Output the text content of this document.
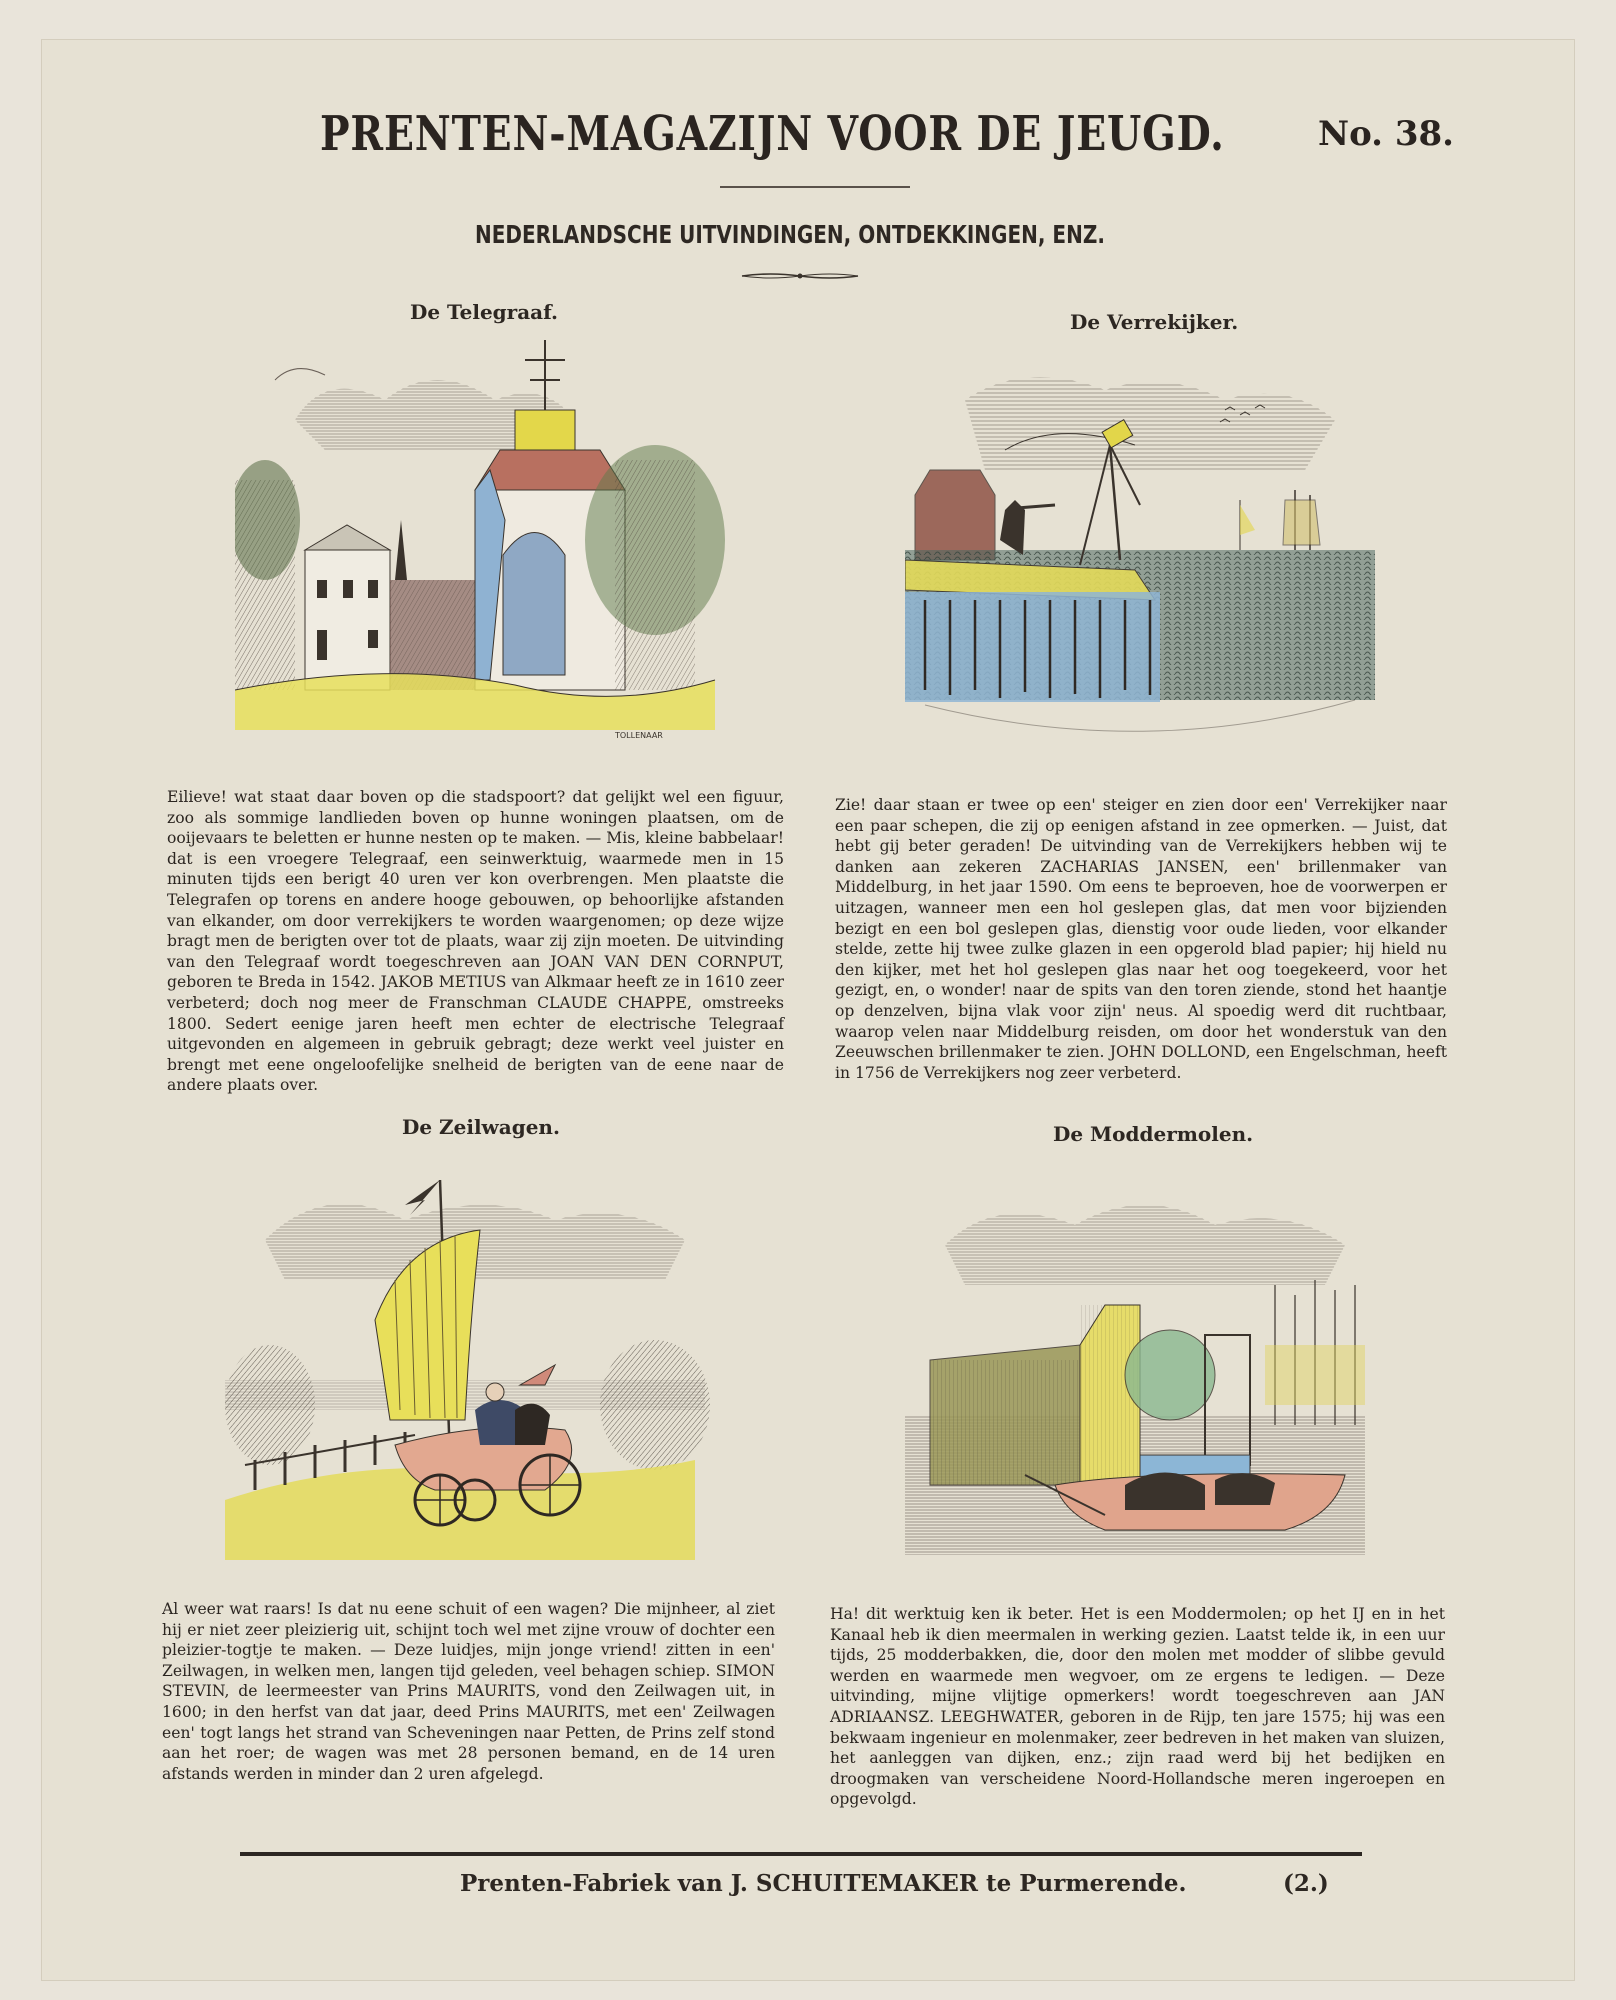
PRENTEN-MAGAZIJN VOOR DE JEUGD.	No. 38.
NEDERLANDSCHE UITVINDINGEN, ONTDEKKINGEN, ENZ.
De Telegraaf.	De Verrekijker.
De Zeilwagen.	De Moddermolen.
TOLLENAAR
Eilieve! wat staat daar boven op die stadspoort? dat gelijkt wel een figuur, zoo als sommige landlieden boven op hunne woningen plaatsen, om de ooijevaars te beletten er hunne nesten op te maken. — Mis, kleine babbelaar! dat is een vroegere Telegraaf, een seinwerktuig, waarmede men in 15 minuten tijds een berigt 40 uren ver kon overbrengen. Men plaatste die Telegrafen op torens en andere hooge gebouwen, op behoorlijke afstanden van elkander, om door verrekijkers te worden waargenomen; op deze wijze bragt men de berigten over tot de plaats, waar zij zijn moeten. De uitvinding van den Telegraaf wordt toegeschreven aan JOAN VAN DEN CORNPUT, geboren te Breda in 1542. JAKOB METIUS van Alkmaar heeft ze in 1610 zeer verbeterd; doch nog meer de Franschman CLAUDE CHAPPE, omstreeks 1800. Sedert eenige jaren heeft men echter de electrische Telegraaf uitgevonden en algemeen in gebruik gebragt; deze werkt veel juister en brengt met eene ongeloofelijke snelheid de berigten van de eene naar de andere plaats over.
Zie! daar staan er twee op een' steiger en zien door een' Verrekijker naar een paar schepen, die zij op eenigen afstand in zee opmerken. — Juist, dat hebt gij beter geraden! De uitvinding van de Verrekijkers hebben wij te danken aan zekeren ZACHARIAS JANSEN, een' brillenmaker van Middelburg, in het jaar 1590. Om eens te beproeven, hoe de voorwerpen er uitzagen, wanneer men een hol geslepen glas, dat men voor bijzienden bezigt en een bol geslepen glas, dienstig voor oude lieden, voor elkander stelde, zette hij twee zulke glazen in een opgerold blad papier; hij hield nu den kijker, met het hol geslepen glas naar het oog toegekeerd, voor het gezigt, en, o wonder! naar de spits van den toren ziende, stond het haantje op denzelven, bijna vlak voor zijn' neus. Al spoedig werd dit ruchtbaar, waarop velen naar Middelburg reisden, om door het wonderstuk van den Zeeuwschen brillenmaker te zien. JOHN DOLLOND, een Engelschman, heeft in 1756 de Verrekijkers nog zeer verbeterd.
Al weer wat raars! Is dat nu eene schuit of een wagen? Die mijnheer, al ziet hij er niet zeer pleizierig uit, schijnt toch wel met zijne vrouw of dochter een pleizier-togtje te maken. — Deze luidjes, mijn jonge vriend! zitten in een' Zeilwagen, in welken men, langen tijd geleden, veel behagen schiep. SIMON STEVIN, de leermeester van Prins MAURITS, vond den Zeilwagen uit, in 1600; in den herfst van dat jaar, deed Prins MAURITS, met een' Zeilwagen een' togt langs het strand van Scheveningen naar Petten, de Prins zelf stond aan het roer; de wagen was met 28 personen bemand, en de 14 uren afstands werden in minder dan 2 uren afgelegd.
Ha! dit werktuig ken ik beter. Het is een Moddermolen; op het IJ en in het Kanaal heb ik dien meermalen in werking gezien. Laatst telde ik, in een uur tijds, 25 modderbakken, die, door den molen met modder of slibbe gevuld werden en waarmede men wegvoer, om ze ergens te ledigen. — Deze uitvinding, mijne vlijtige opmerkers! wordt toegeschreven aan JAN ADRIAANSZ. LEEGHWATER, geboren in de Rijp, ten jare 1575; hij was een bekwaam ingenieur en molenmaker, zeer bedreven in het maken van sluizen, het aanleggen van dijken, enz.; zijn raad werd bij het bedijken en droogmaken van verscheidene Noord-Hollandsche meren ingeroepen en opgevolgd.
Prenten-Fabriek van J. SCHUITEMAKER te Purmerende.	(2.)
